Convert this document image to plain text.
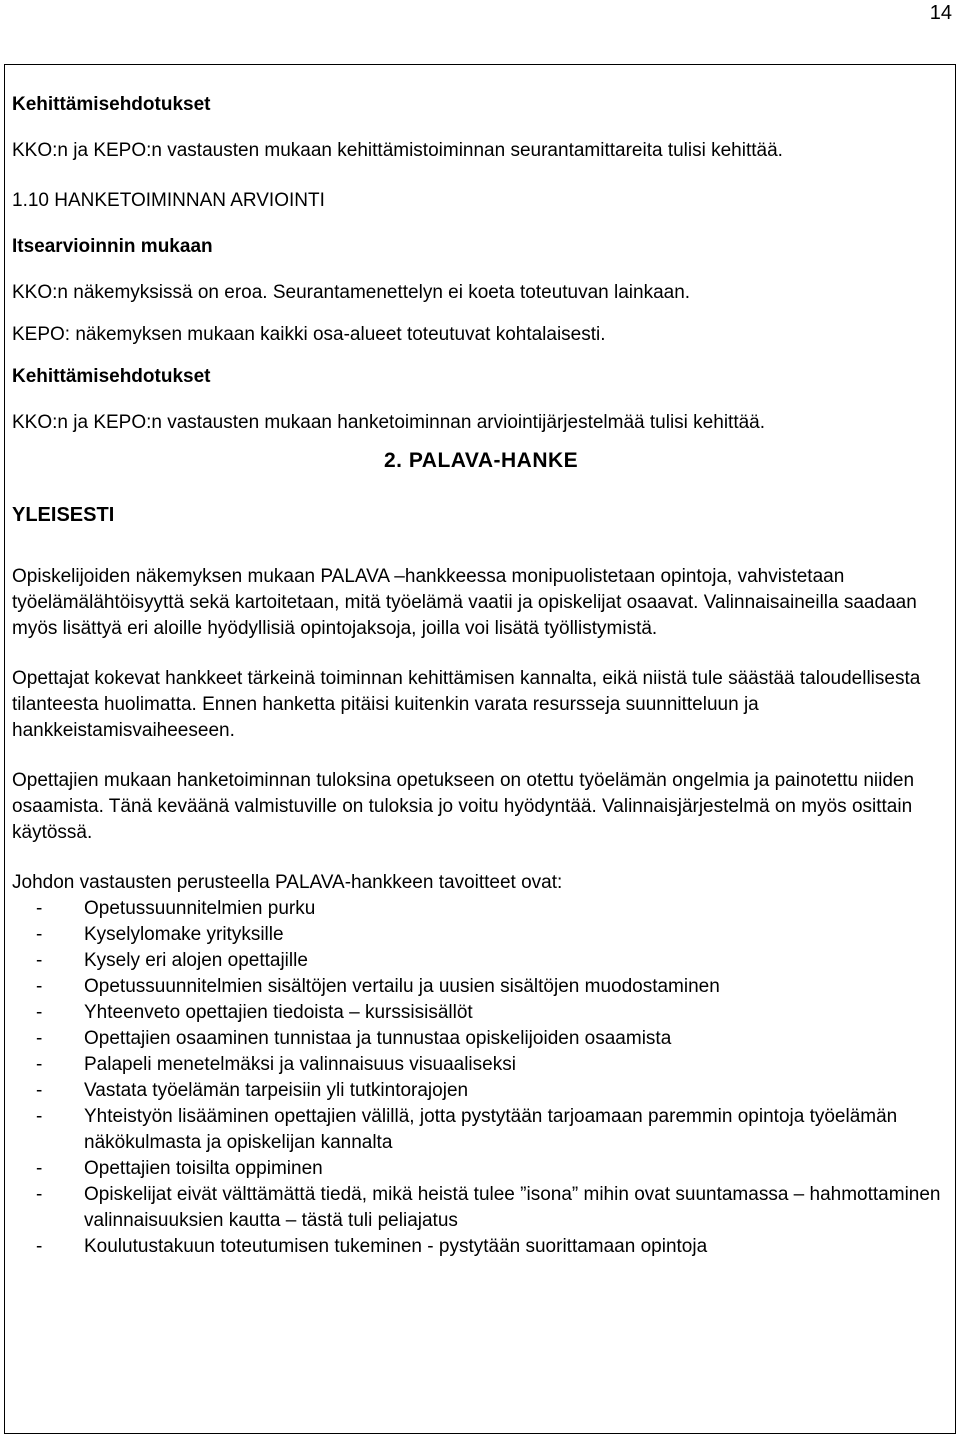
14

Kehittämisehdotukset

KKO:n ja KEPO:n vastausten mukaan kehittämistoiminnan seurantamittareita tulisi kehittää.

1.10 HANKETOIMINNAN ARVIOINTI

Itsearvioinnin mukaan

KKO:n näkemyksissä on eroa. Seurantamenettelyn ei koeta toteutuvan lainkaan.

KEPO: näkemyksen mukaan kaikki osa-alueet toteutuvat kohtalaisesti.

Kehittämisehdotukset

KKO:n ja KEPO:n vastausten mukaan hanketoiminnan arviointijärjestelmää tulisi kehittää.

2. PALAVA-HANKE
YLEISESTI

Opiskelijoiden näkemyksen mukaan PALAVA –hankkeessa monipuolistetaan opintoja, vahvistetaan työelämälähtöisyyttä sekä kartoitetaan, mitä työelämä vaatii ja opiskelijat osaavat. Valinnaisaineilla saadaan myös lisättyä eri aloille hyödyllisiä opintojaksoja, joilla voi lisätä työllistymistä.

Opettajat kokevat hankkeet tärkeinä toiminnan kehittämisen kannalta, eikä niistä tule säästää taloudellisesta tilanteesta huolimatta. Ennen hanketta pitäisi kuitenkin varata resursseja suunnitteluun ja hankkeistamisvaiheeseen.

Opettajien mukaan hanketoiminnan tuloksina opetukseen on otettu työelämän ongelmia ja painotettu niiden osaamista. Tänä keväänä valmistuville on tuloksia jo voitu hyödyntää. Valinnaisjärjestelmä on myös osittain käytössä.

Johdon vastausten perusteella PALAVA-hankkeen tavoitteet ovat:

- Opetussuunnitelmien purku
- Kyselylomake yrityksille
- Kysely eri alojen opettajille
- Opetussuunnitelmien sisältöjen vertailu ja uusien sisältöjen muodostaminen
- Yhteenveto opettajien tiedoista – kurssisisällöt
- Opettajien osaaminen tunnistaa ja tunnustaa opiskelijoiden osaamista
- Palapeli menetelmäksi ja valinnaisuus visuaaliseksi
- Vastata työelämän tarpeisiin yli tutkintorajojen
- Yhteistyön lisääminen opettajien välillä, jotta pystytään tarjoamaan paremmin opintoja työelämän näkökulmasta ja opiskelijan kannalta
- Opettajien toisilta oppiminen
- Opiskelijat eivät välttämättä tiedä, mikä heistä tulee ”isona” mihin ovat suuntamassa – hahmottaminen valinnaisuuksien kautta – tästä tuli peliajatus
- Koulutustakuun toteutumisen tukeminen - pystytään suorittamaan opintoja
